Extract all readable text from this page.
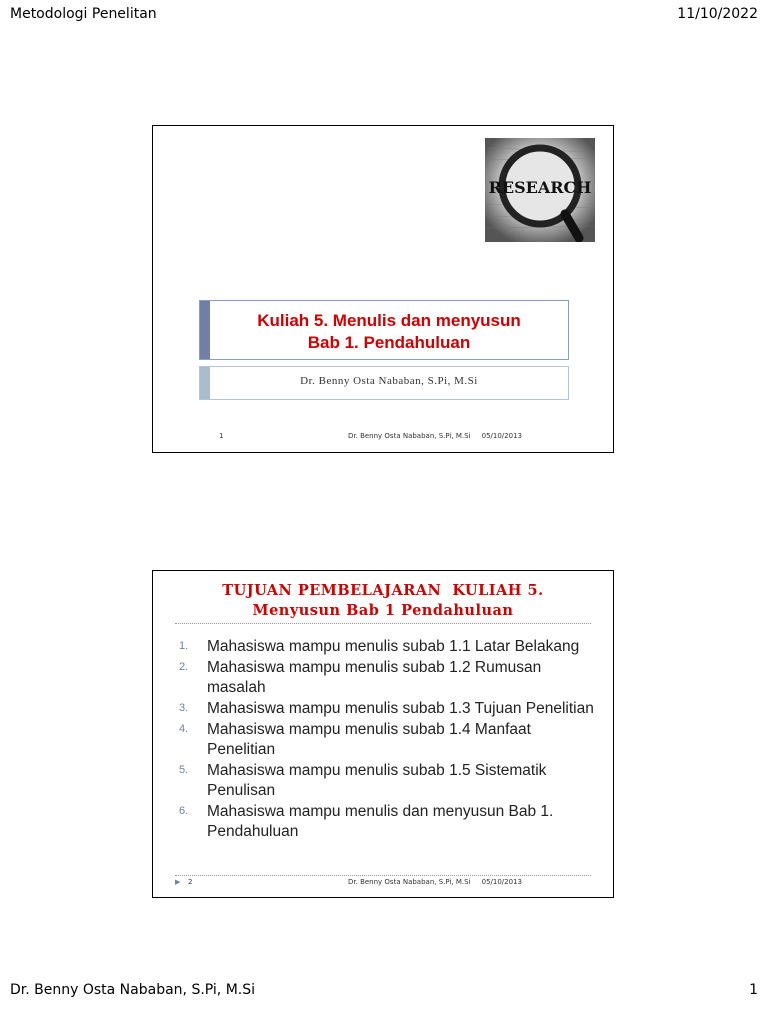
Metodologi Penelitan	11/10/2022
RESEARCH
Kuliah 5. Menulis dan menyusun
Bab 1. Pendahuluan
Dr. Benny Osta Nababan, S.Pi, M.Si
1	Dr. Benny Osta Nababan, S.Pi, M.Si     05/10/2013
TUJUAN PEMBELAJARAN  KULIAH 5.
Menyusun Bab 1 Pendahuluan
1.	Mahasiswa mampu menulis subab 1.1 Latar Belakang
2.	Mahasiswa mampu menulis subab 1.2 Rumusan masalah
3.	Mahasiswa mampu menulis subab 1.3 Tujuan Penelitian
4.	Mahasiswa mampu menulis subab 1.4 Manfaat Penelitian
5.	Mahasiswa mampu menulis subab 1.5 Sistematik Penulisan
6.	Mahasiswa mampu menulis dan menyusun Bab 1. Pendahuluan
▶ 2	Dr. Benny Osta Nababan, S.Pi, M.Si     05/10/2013
Dr. Benny Osta Nababan, S.Pi, M.Si	1
